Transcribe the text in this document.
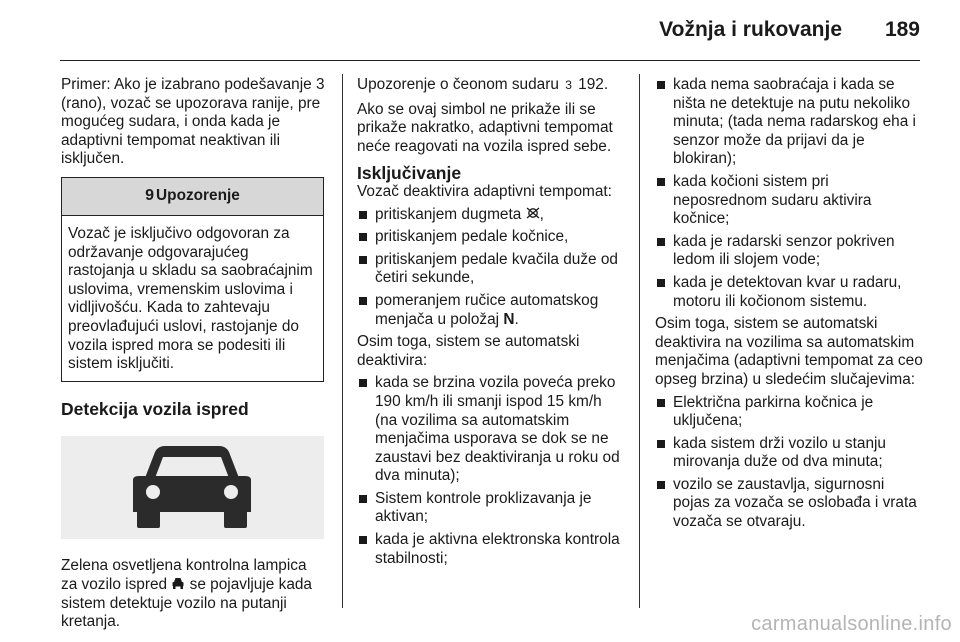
Vožnja i rukovanje 189

Primer: Ako je izabrano podešavanje 3 (rano), vozač se upozorava ranije, pre mogućeg sudara, i onda kada je adaptivni tempomat neaktivan ili isključen.

9 Upozorenje
Vozač je isključivo odgovoran za održavanje odgovarajućeg rastojanja u skladu sa saobraćajnim uslovima, vremenskim uslovima i vidljivošću. Kada to zahtevaju preovlađujući uslovi, rastojanje do vozila ispred mora se podesiti ili sistem isključiti.
Detekcija vozila ispred

Zelena osvetljena kontrolna lampica za vozilo ispred se pojavljuje kada sistem detektuje vozilo na putanji kretanja.

Upozorenje o čeonom sudaru 3 192.

Ako se ovaj simbol ne prikaže ili se prikaže nakratko, adaptivni tempomat neće reagovati na vozila ispred sebe.

Isključivanje

Vozač deaktivira adaptivni tempomat:

pritiskanjem dugmeta ,
pritiskanjem pedale kočnice,
pritiskanjem pedale kvačila duže od četiri sekunde,
pomeranjem ručice automatskog menjača u položaj N.

Osim toga, sistem se automatski deaktivira:

kada se brzina vozila poveća preko 190 km/h ili smanji ispod 15 km/h (na vozilima sa automatskim menjačima usporava se dok se ne zaustavi bez deaktiviranja u roku od dva minuta);
Sistem kontrole proklizavanja je aktivan;
kada je aktivna elektronska kontrola stabilnosti;
kada nema saobraćaja i kada se ništa ne detektuje na putu nekoliko minuta; (tada nema radarskog eha i senzor može da prijavi da je blokiran);
kada kočioni sistem pri neposrednom sudaru aktivira kočnice;
kada je radarski senzor pokriven ledom ili slojem vode;
kada je detektovan kvar u radaru, motoru ili kočionom sistemu.

Osim toga, sistem se automatski deaktivira na vozilima sa automatskim menjačima (adaptivni tempomat za ceo opseg brzina) u sledećim slučajevima:

Električna parkirna kočnica je uključena;
kada sistem drži vozilo u stanju mirovanja duže od dva minuta;
vozilo se zaustavlja, sigurnosni pojas za vozača se oslobađa i vrata vozača se otvaraju.
carmanualsonline.info
